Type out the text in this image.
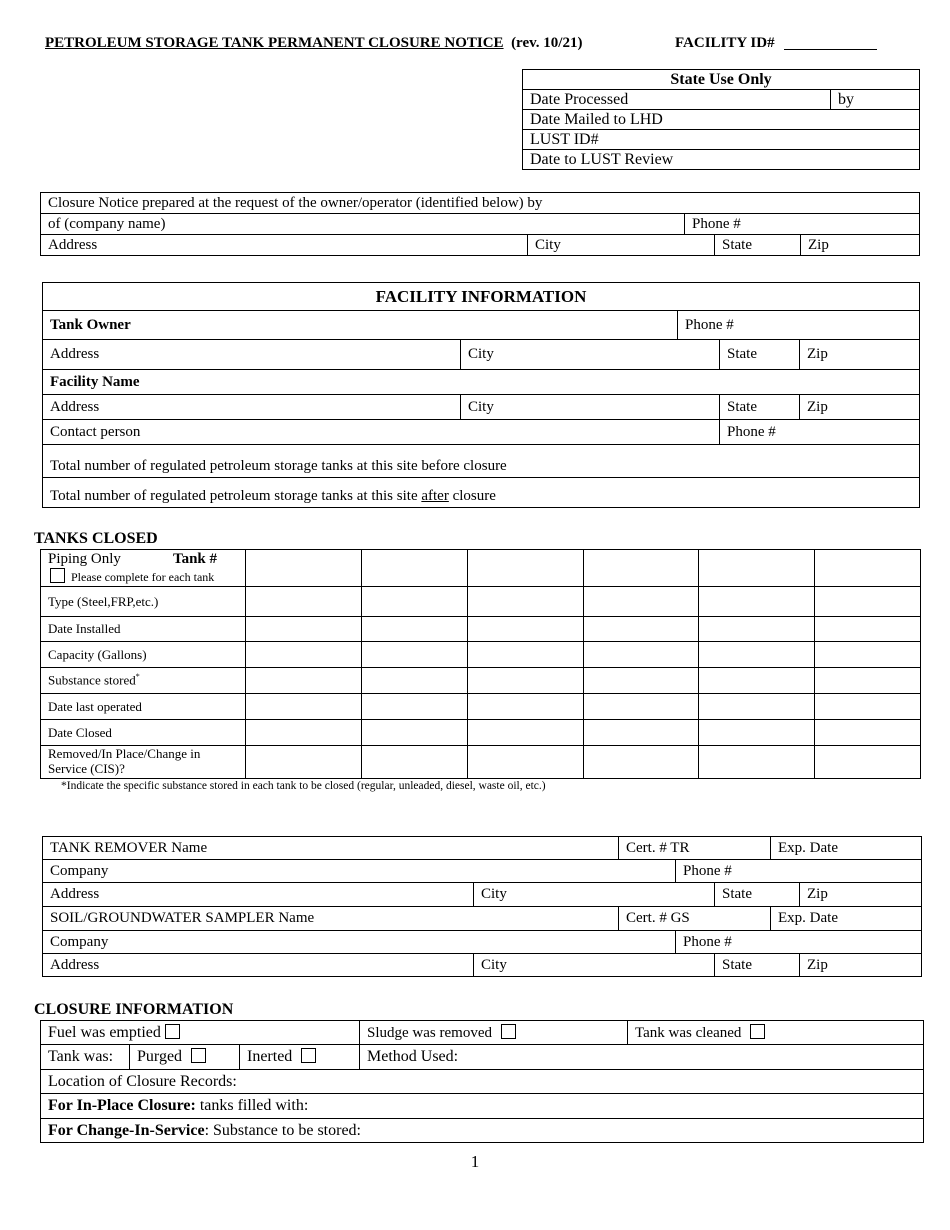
PETROLEUM STORAGE TANK PERMANENT CLOSURE NOTICE (rev. 10/21)	FACILITY ID#
State Use Only
Date Processed	by
Date Mailed to LHD
LUST ID#
Date to LUST Review
Closure Notice prepared at the request of the owner/operator (identified below) by				
of (company name)		Phone #		
Address	City		State	Zip
FACILITY INFORMATION				
Tank Owner		Phone #		
Address	City		State	Zip
Facility Name				
Address	City		State	Zip
Contact person			Phone #	
Total number of regulated petroleum storage tanks at this site before closure				
Total number of regulated petroleum storage tanks at this site after closure				
TANKS CLOSED
Piping Only Tank #
Please complete for each tank						

Type (Steel,FRP,etc.)						
Date Installed						
Capacity (Gallons)						
Substance stored*						
Date last operated						
Date Closed						
Removed/In Place/Change in Service (CIS)?						
*Indicate the specific substance stored in each tank to be closed (regular, unleaded, diesel, waste oil, etc.)
TANK REMOVER Name		Cert. # TR			Exp. Date	
Company			Phone #			
Address	City			State		Zip
SOIL/GROUNDWATER SAMPLER Name		Cert. # GS			Exp. Date	
Company			Phone #			
Address	City			State		Zip
CLOSURE INFORMATION
Fuel was emptied			Sludge was removed	Tank was cleaned
Tank was:	Purged	Inerted	Method Used:	
Location of Closure Records:				
For In-Place Closure: tanks filled with:				
For Change-In-Service: Substance to be stored:				
1
